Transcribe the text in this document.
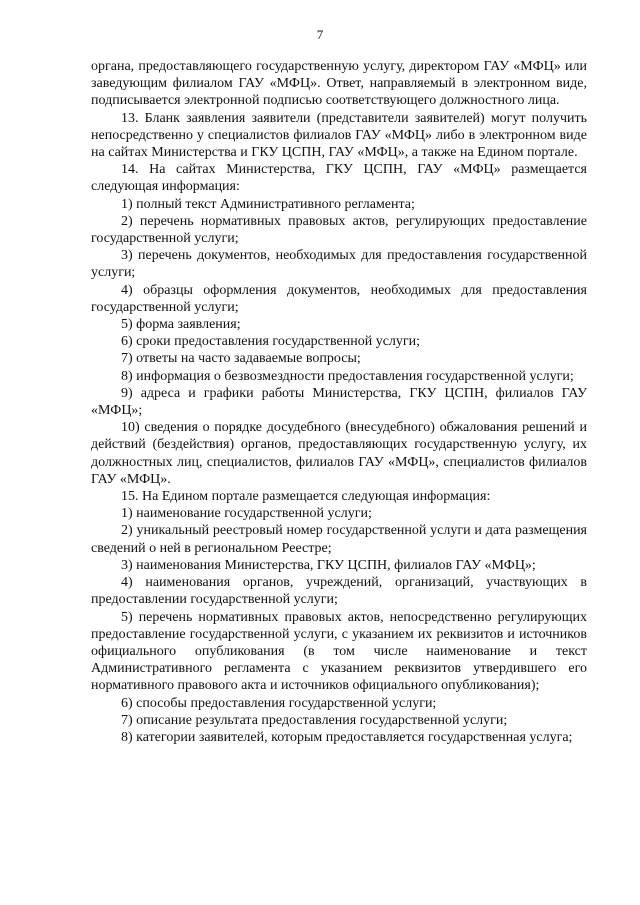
7

органа, предоставляющего государственную услугу, директором ГАУ «МФЦ» или заведующим филиалом ГАУ «МФЦ». Ответ, направляемый в электронном виде, подписывается электронной подписью соответствующего должностного лица.

13. Бланк заявления заявители (представители заявителей) могут получить непосредственно у специалистов филиалов ГАУ «МФЦ» либо в электронном виде на сайтах Министерства и ГКУ ЦСПН, ГАУ «МФЦ», а также на Едином портале.

14. На сайтах Министерства, ГКУ ЦСПН, ГАУ «МФЦ» размещается следующая информация:

1) полный текст Административного регламента;

2) перечень нормативных правовых актов, регулирующих предоставление государственной услуги;

3) перечень документов, необходимых для предоставления государственной услуги;

4) образцы оформления документов, необходимых для предоставления государственной услуги;

5) форма заявления;

6) сроки предоставления государственной услуги;

7) ответы на часто задаваемые вопросы;

8) информация о безвозмездности предоставления государственной услуги;

9) адреса и графики работы Министерства, ГКУ ЦСПН, филиалов ГАУ «МФЦ»;

10) сведения о порядке досудебного (внесудебного) обжалования решений и действий (бездействия) органов, предоставляющих государственную услугу, их должностных лиц, специалистов, филиалов ГАУ «МФЦ», специалистов филиалов ГАУ «МФЦ».

15. На Едином портале размещается следующая информация:

1) наименование государственной услуги;

2) уникальный реестровый номер государственной услуги и дата размещения сведений о ней в региональном Реестре;

3) наименования Министерства, ГКУ ЦСПН, филиалов ГАУ «МФЦ»;

4) наименования органов, учреждений, организаций, участвующих в предоставлении государственной услуги;

5) перечень нормативных правовых актов, непосредственно регулирующих предоставление государственной услуги, с указанием их реквизитов и источников официального опубликования (в том числе наименование и текст Административного регламента с указанием реквизитов утвердившего его нормативного правового акта и источников официального опубликования);

6) способы предоставления государственной услуги;

7) описание результата предоставления государственной услуги;

8) категории заявителей, которым предоставляется государственная услуга;
